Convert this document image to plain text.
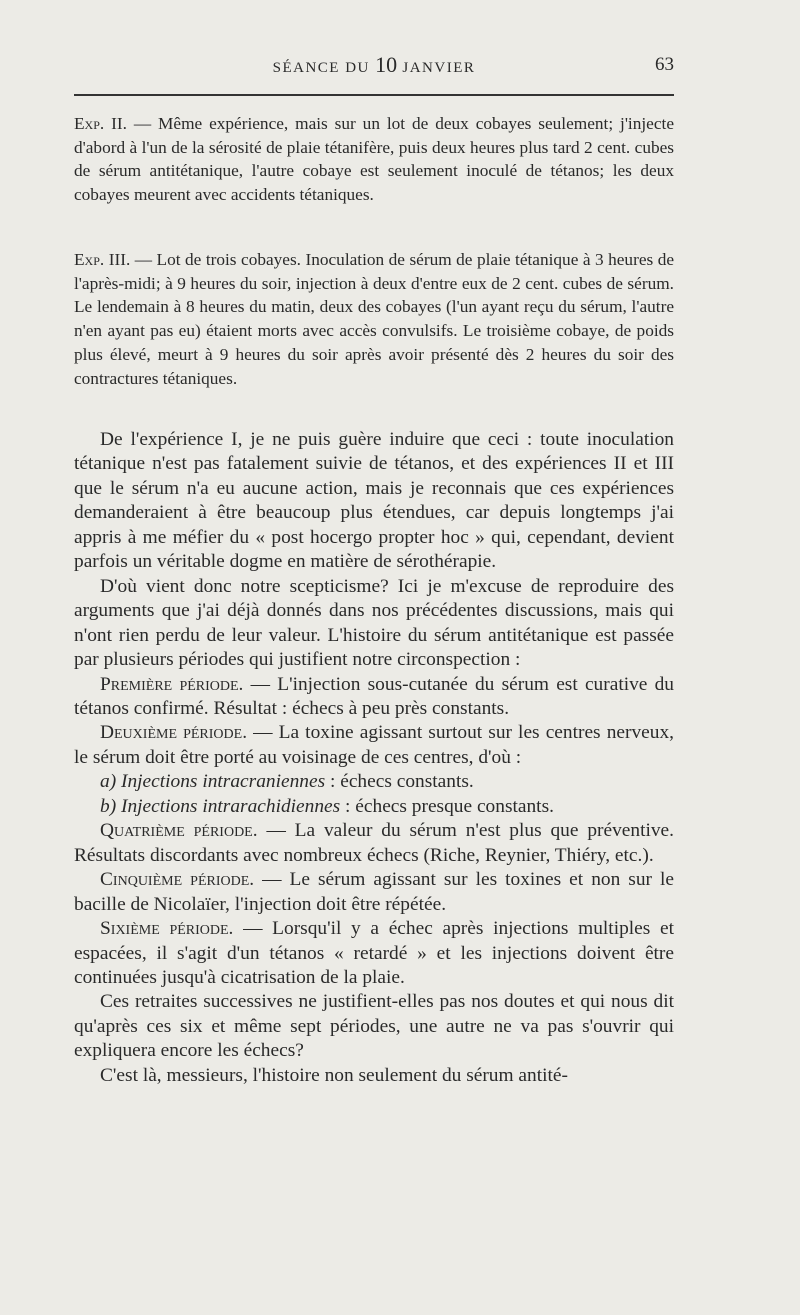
SÉANCE DU 10 JANVIER	63
Exp. II. — Même expérience, mais sur un lot de deux cobayes seulement; j'injecte d'abord à l'un de la sérosité de plaie tétanifère, puis deux heures plus tard 2 cent. cubes de sérum antitétanique, l'autre cobaye est seulement inoculé de tétanos; les deux cobayes meurent avec accidents tétaniques.
Exp. III. — Lot de trois cobayes. Inoculation de sérum de plaie tétanique à 3 heures de l'après-midi; à 9 heures du soir, injection à deux d'entre eux de 2 cent. cubes de sérum. Le lendemain à 8 heures du matin, deux des cobayes (l'un ayant reçu du sérum, l'autre n'en ayant pas eu) étaient morts avec accès convulsifs. Le troisième cobaye, de poids plus élevé, meurt à 9 heures du soir après avoir présenté dès 2 heures du soir des contractures tétaniques.

De l'expérience I, je ne puis guère induire que ceci : toute inoculation tétanique n'est pas fatalement suivie de tétanos, et des expériences II et III que le sérum n'a eu aucune action, mais je reconnais que ces expériences demanderaient à être beaucoup plus étendues, car depuis longtemps j'ai appris à me méfier du « post hocergo propter hoc » qui, cependant, devient parfois un véritable dogme en matière de sérothérapie.

D'où vient donc notre scepticisme? Ici je m'excuse de reproduire des arguments que j'ai déjà donnés dans nos précédentes discussions, mais qui n'ont rien perdu de leur valeur. L'histoire du sérum antitétanique est passée par plusieurs périodes qui justifient notre circonspection :

Première période. — L'injection sous-cutanée du sérum est curative du tétanos confirmé. Résultat : échecs à peu près constants.

Deuxième période. — La toxine agissant surtout sur les centres nerveux, le sérum doit être porté au voisinage de ces centres, d'où :

a) Injections intracraniennes : échecs constants.

b) Injections intrarachidiennes : échecs presque constants.

Quatrième période. — La valeur du sérum n'est plus que préventive. Résultats discordants avec nombreux échecs (Riche, Reynier, Thiéry, etc.).

Cinquième période. — Le sérum agissant sur les toxines et non sur le bacille de Nicolaïer, l'injection doit être répétée.

Sixième période. — Lorsqu'il y a échec après injections multiples et espacées, il s'agit d'un tétanos « retardé » et les injections doivent être continuées jusqu'à cicatrisation de la plaie.

Ces retraites successives ne justifient-elles pas nos doutes et qui nous dit qu'après ces six et même sept périodes, une autre ne va pas s'ouvrir qui expliquera encore les échecs?

C'est là, messieurs, l'histoire non seulement du sérum antité-
